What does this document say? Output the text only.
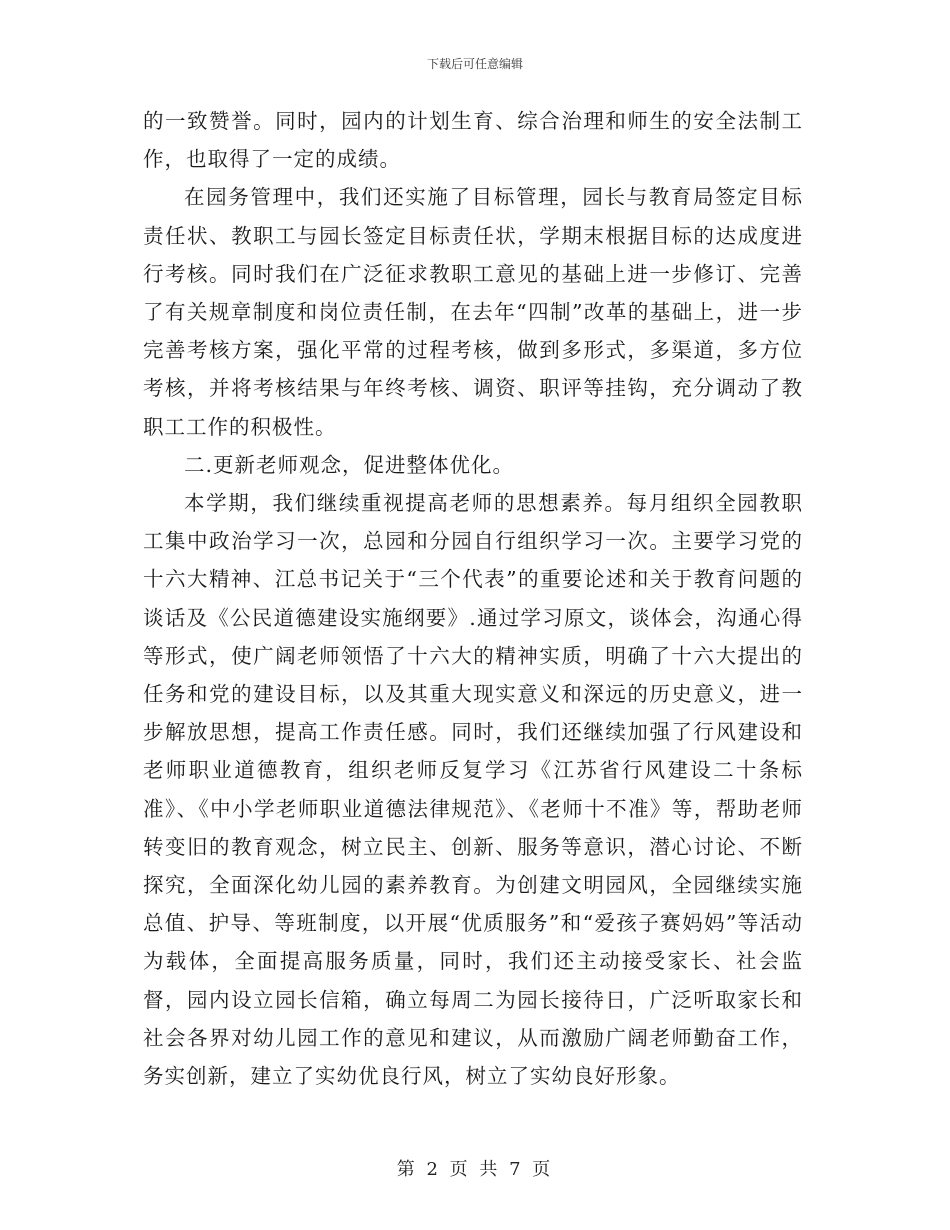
下载后可任意编辑

的一致赞誉。同时，园内的计划生育、综合治理和师生的安全法制工作，也取得了一定的成绩。

在园务管理中，我们还实施了目标管理，园长与教育局签定目标责任状、教职工与园长签定目标责任状，学期末根据目标的达成度进行考核。同时我们在广泛征求教职工意见的基础上进一步修订、完善了有关规章制度和岗位责任制，在去年“四制”改革的基础上，进一步完善考核方案，强化平常的过程考核，做到多形式，多渠道，多方位考核，并将考核结果与年终考核、调资、职评等挂钩，充分调动了教职工工作的积极性。

二.更新老师观念，促进整体优化。

本学期，我们继续重视提高老师的思想素养。每月组织全园教职工集中政治学习一次，总园和分园自行组织学习一次。主要学习党的十六大精神、江总书记关于“三个代表”的重要论述和关于教育问题的谈话及《公民道德建设实施纲要》.通过学习原文，谈体会，沟通心得等形式，使广阔老师领悟了十六大的精神实质，明确了十六大提出的任务和党的建设目标，以及其重大现实意义和深远的历史意义，进一步解放思想，提高工作责任感。同时，我们还继续加强了行风建设和老师职业道德教育，组织老师反复学习《江苏省行风建设二十条标准》、《中小学老师职业道德法律规范》、《老师十不准》等，帮助老师转变旧的教育观念，树立民主、创新、服务等意识，潜心讨论、不断探究，全面深化幼儿园的素养教育。为创建文明园风，全园继续实施总值、护导、等班制度，以开展“优质服务”和“爱孩子赛妈妈”等活动为载体，全面提高服务质量，同时，我们还主动接受家长、社会监督，园内设立园长信箱，确立每周二为园长接待日，广泛听取家长和社会各界对幼儿园工作的意见和建议，从而激励广阔老师勤奋工作，务实创新，建立了实幼优良行风，树立了实幼良好形象。

第 2 页 共 7 页
